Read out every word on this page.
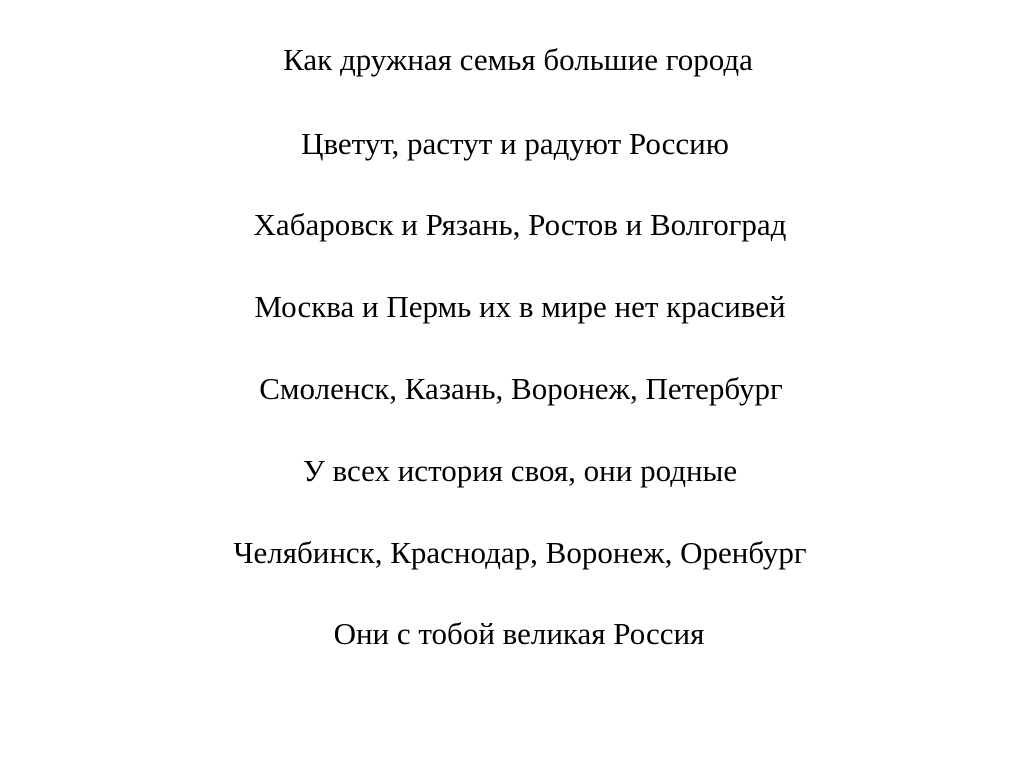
Как дружная семья большие города
Цветут, растут и радуют Россию
Хабаровск и Рязань, Ростов и Волгоград
Москва и Пермь их в мире нет красивей
Смоленск, Казань, Воронеж, Петербург
У всех история своя, они родные
Челябинск, Краснодар, Воронеж, Оренбург
Они с тобой великая Россия
